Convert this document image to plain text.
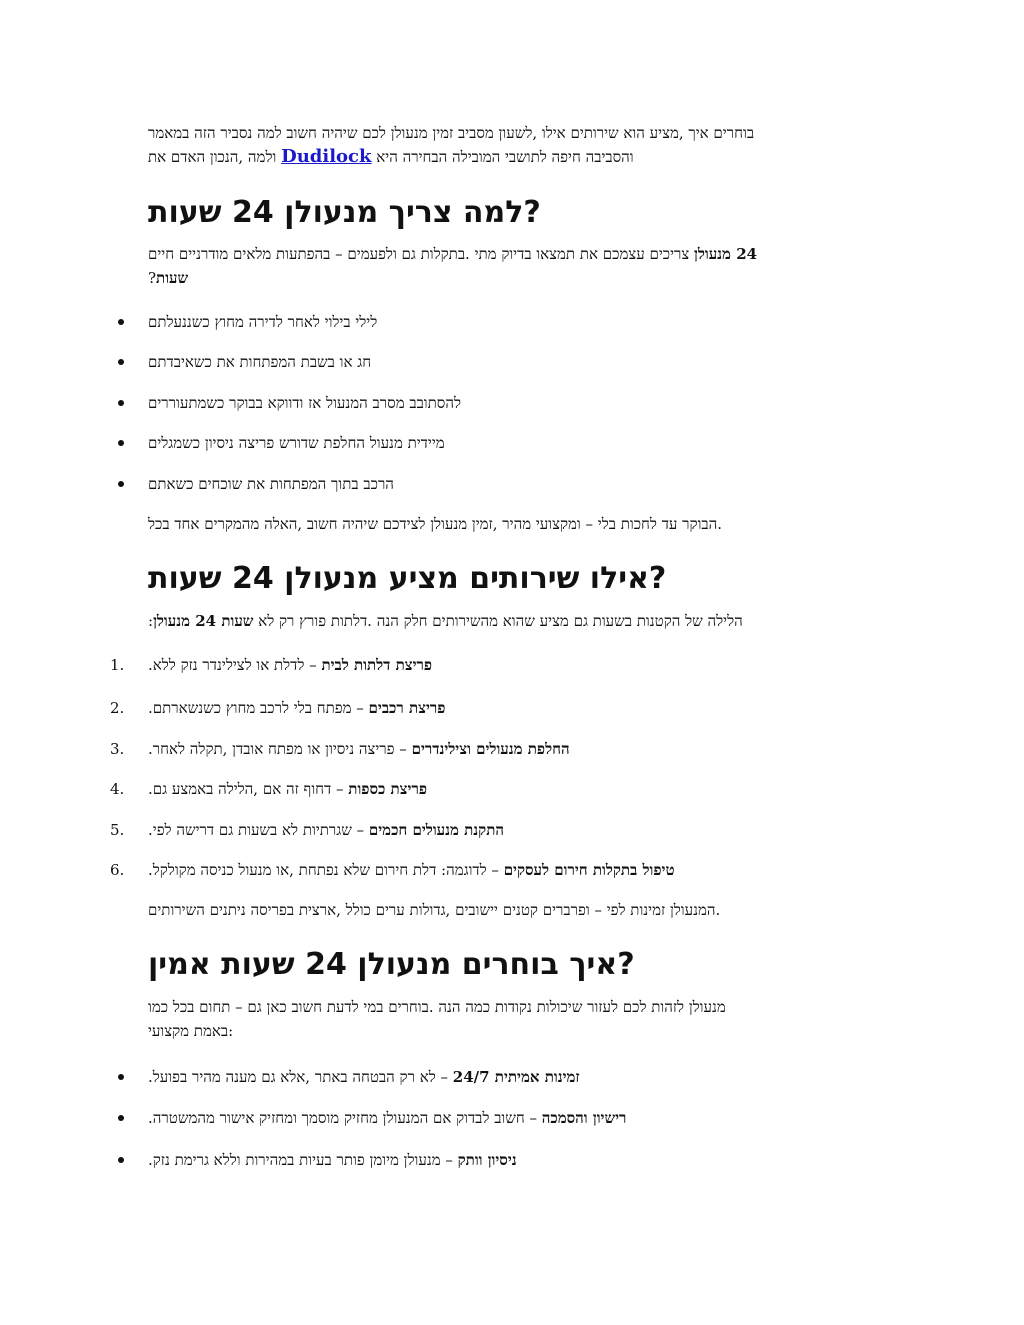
בוחרים איך ,מציע הוא שירותים אילו ,לשעון מסביב זמין מנעולן לכם שיהיה חשוב למה נסביר הזה במאמר
והסביבה חיפה לתושבי המובילה הבחירה היא Dudilock ולמה ,הנכון האדם את
?למה צריך מנעולן 24 שעות
24 מנעולן צריכים עצמכם את תמצאו בדיוק מתי .בתקלות גם ולפעמים – בהפתעות מלאים מודרניים חיים
שעות?
לילי בילוי לאחר לדירה מחוץ כשננעלתם
חג או בשבת המפתחות את כשאיבדתם
להסתובב מסרב המנעול אז ודווקא בבוקר כשמתעוררים
מיידית מנעול החלפת שדורש פריצה ניסיון כשמגלים
הרכב בתוך המפתחות את שוכחים כשאתם
.הבוקר עד לחכות בלי – ומקצועי מהיר ,זמין מנעולן לצידכם שיהיה חשוב ,האלה מהמקרים אחד בכל
?אילו שירותים מציע מנעולן 24 שעות
הלילה של הקטנות בשעות גם מציע שהוא מהשירותים חלק הנה .דלתות פורץ רק לא שעות 24 מנעולן:
1.	פריצת דלתות לבית – לדלת או לצילינדר נזק ללא.
2.	פריצת רכבים – מפתח בלי לרכב מחוץ כשנשארתם.
3.	החלפת מנעולים וצילינדרים – פריצה ניסיון או מפתח אובדן ,תקלה לאחר.
4.	פריצת כספות – דחוף זה אם ,הלילה באמצע גם.
5.	התקנת מנעולים חכמים – שגרתיות לא בשעות גם דרישה לפי.
6.	טיפול בתקלות חירום לעסקים – לדוגמה: דלת חירום שלא נפתחת ,או מנעול כניסה מקולקל.
.המנעולן זמינות לפי – ופרברים קטנים יישובים ,גדולות ערים כולל ,ארצית בפריסה ניתנים השירותים
?איך בוחרים מנעולן 24 שעות אמין
מנעולן לזהות לכם לעזור שיכולות נקודות כמה הנה .בוחרים במי לדעת חשוב כאן גם – תחום בכל כמו
:באמת מקצועי
זמינות אמיתית 24/7 – לא רק הבטחה באתר ,אלא גם מענה מהיר בפועל.
רישיון והסמכה – חשוב לבדוק אם המנעולן מחזיק מוסמך ומחזיק אישור מהמשטרה.
ניסיון וותק – מנעולן מיומן פותר בעיות במהירות וללא גרימת נזק.
